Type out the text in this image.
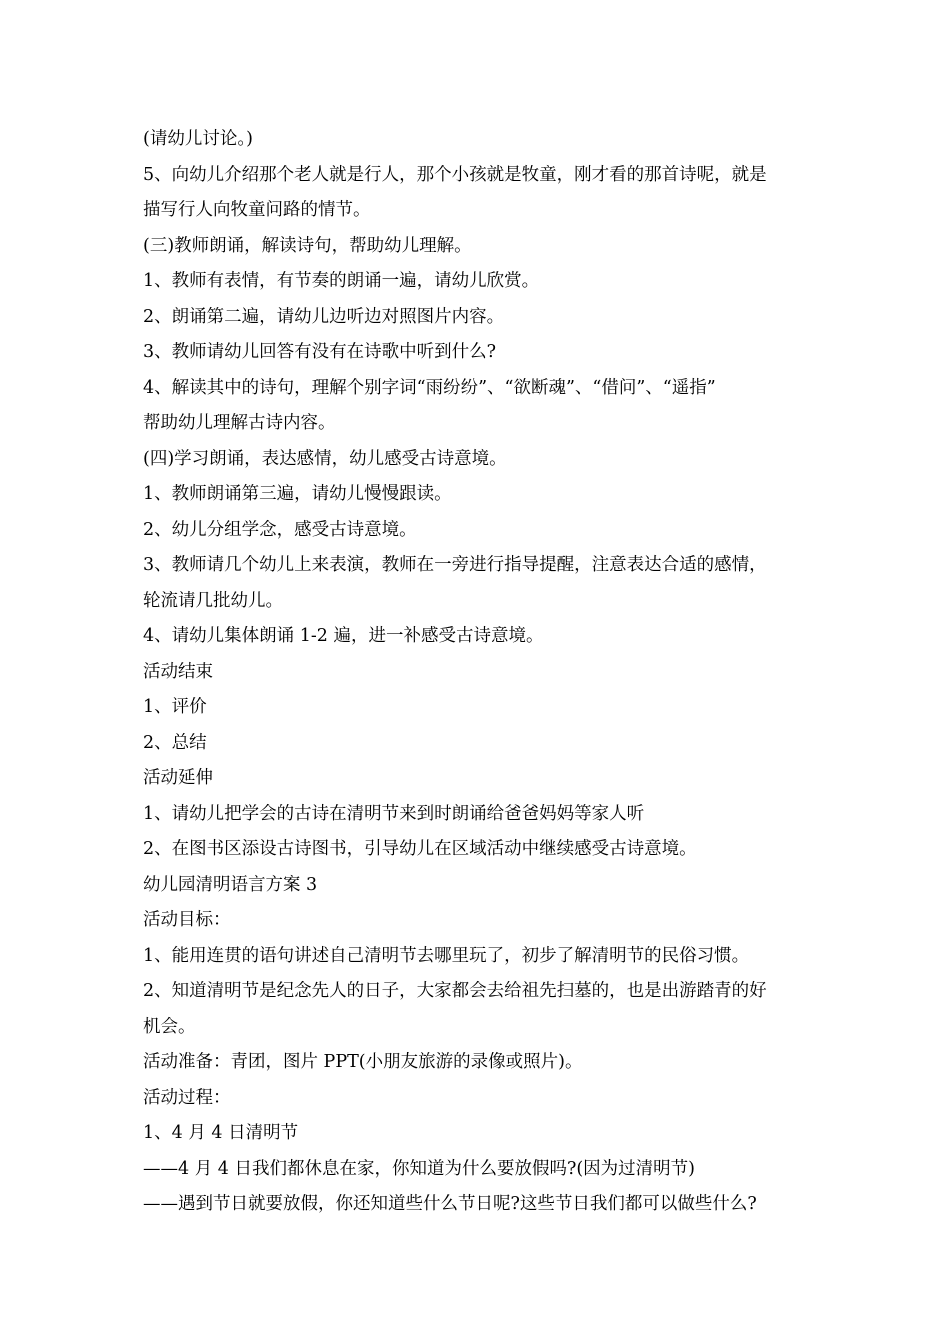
(请幼儿讨论。)
5、向幼儿介绍那个老人就是行人，那个小孩就是牧童，刚才看的那首诗呢，就是
描写行人向牧童问路的情节。
(三)教师朗诵，解读诗句，帮助幼儿理解。
1、教师有表情，有节奏的朗诵一遍，请幼儿欣赏。
2、朗诵第二遍，请幼儿边听边对照图片内容。
3、教师请幼儿回答有没有在诗歌中听到什么?
4、解读其中的诗句，理解个别字词“雨纷纷”、“欲断魂”、“借问”、“遥指”
帮助幼儿理解古诗内容。
(四)学习朗诵，表达感情，幼儿感受古诗意境。
1、教师朗诵第三遍，请幼儿慢慢跟读。
2、幼儿分组学念，感受古诗意境。
3、教师请几个幼儿上来表演，教师在一旁进行指导提醒，注意表达合适的感情，
轮流请几批幼儿。
4、请幼儿集体朗诵 1-2 遍，进一补感受古诗意境。
活动结束
1、评价
2、总结
活动延伸
1、请幼儿把学会的古诗在清明节来到时朗诵给爸爸妈妈等家人听
2、在图书区添设古诗图书，引导幼儿在区域活动中继续感受古诗意境。
幼儿园清明语言方案 3
活动目标：
1、能用连贯的语句讲述自己清明节去哪里玩了，初步了解清明节的民俗习惯。
2、知道清明节是纪念先人的日子，大家都会去给祖先扫墓的，也是出游踏青的好
机会。
活动准备：青团，图片 PPT(小朋友旅游的录像或照片)。
活动过程：
1、4 月 4 日清明节
——4 月 4 日我们都休息在家，你知道为什么要放假吗?(因为过清明节)
——遇到节日就要放假，你还知道些什么节日呢?这些节日我们都可以做些什么?
